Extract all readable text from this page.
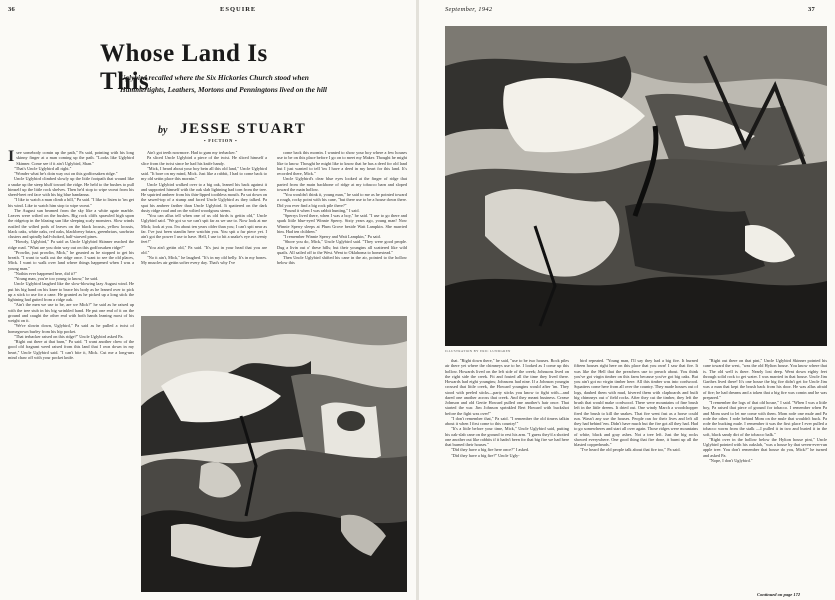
36	ESQUIRE
Whose Land Is This
Uglybird recalled where the Six Hickories Church stood when Hammertights, Leathers, Mortons and Penningtons lived on the hill
by JESSE STUART
• FICTION •

I see somebody comin up the path," Pa said, pointing with his long skinny finger at a man coming up the path. "Looks like Uglybird Skinner. Come see if it ain't Uglybird, Shan."

"That's Uncle Uglybird all right."

"Wonder what he's doin way out on this godforsaken ridge."

Uncle Uglybird climbed slowly up the little footpath that wound like a snake up the steep bluff toward the ridge. He held to the bushes to pull himself up the little rock shelves. Then he'd stop to wipe sweat from his sheed-beet red face with his big blue bandanna.

"I like to watch a man climb a hill," Pa said. "I like to listen to 'im get his wind. Like to watch him stop to wipe sweat."

The August sun beamed from the sky like a white agate marble. Leaves were wilted on the bushes. Big rock cliffs sprawled high upon the ridgetop in the blazing sun like sleeping scaly monsters. Slow winds rustled the wilted pods of leaves on the black locusts, yellow locusts, black oaks, white oaks, red oaks, blackberry briars, greenbriars, sawbriar clusters and spindly half-choked, half-starved pines.

"Howdy, Uglybird," Pa said as Uncle Uglybird Skinner reached the ridge road. "What are you doin way out on this godforsaken ridge?"

"Prowlin, just prowlin, Mick," he grunted as he stopped to get his breath. "I want to walk out the ridge once. I want to see the old places, Mick. I want to walk over land where things happened when I was a young man."

"Nothin ever happened here, did it?"

"Young man, you're too young to know," he said.

Uncle Uglybird laughed like the slow-blowing lazy August wind. He put his big hand on his knee to brace his body as he leaned over to pick up a stick to use for a cane. He grunted as he picked up a long stick the lightning had gutted from a ridge oak.

"Ain't the men we use to be, are we Mick?" he said as he raised up with the tree stub in his big wrinkled hand. He put one end of it on the ground and caught the other end with both hands leaning most of his weight on it.

"We're slowin down, Uglybird," Pa said as he pulled a twist of homegrown burley from his hip pocket.

"That terbacker raised on this ridge?" Uncle Uglybird asked Pa.

"Right out there at that barn," Pa said. "I want another chew of the good old fragrant weed raised from this land that I own down in my heart," Uncle Uglybird said. "I can't bite it, Mick. Cut me a long-uns mind chaw off with your pocket knife.

Ain't got teeth nowmore. Had to gum my terbacker."

Pa sliced Uncle Uglybird a piece of the twist. He sliced himself a slice from the twist since he had his knife handy.

"Mick, I heard about your boy bein all this old land," Uncle Uglybird said. "It bore on my mind, Mick. Just like a rabbit, I had to come back to my old settin place this mornin."

Uncle Uglybird walked over to a big oak, leaned his back against it and supported himself with the oak slab lightning had torn from the tree. He squirted ambeer from his thin-lipped toothless mouth. Pa sat down on the sawed-top of a stump and faced Uncle Uglybird as they talked. Pa spat his ambeer farther than Uncle Uglybird. It spattered on the dark dusty ridge road and on the wilted woodgrass stems.

"You can allus tell when one of us old birds is gettin old," Uncle Uglybird said. "We got so we can't spit far as we use to. Now look at me Mick; look at you. I'm about ten years older than you; I can't spit near as far. I've just been standin here watchin you. You spit a fur piece yet. I ain't got the power I use to have. Hell, I use to hit a snake's eye at twenty feet!"

"You ain't gettin old," Pa said. "It's just in your head that you are old."

"No it ain't, Mick," he laughed. "It's in my old belly. It's in my bones. My muscles air gettin softer every day. That's why I've

come back this mornin. I wanted to show your boy where a few houses use to be on this place before I go on to meet my Maker. Thought he might like to know. Thought he might like to know that he has a deed for old land but I just wanted to tell 'im I have a deed in my heart for this land. It's recorded there, Mick."

Uncle Uglybird's clear blue eyes looked at the finger of ridge that parted from the main backbone of ridge at my tobacco barn and sloped toward the main hollow.

"You wouldn't think it, young man," he said to me as he pointed toward a rough, rocky point with his cane, "but there use to be a house down there. Did you ever find a big rock pile there?"

"Found it when I was rabbit hunting," I said.

"Sperrys lived there, when I was a boy," he said. "I use to go there and spark little blue-eyed Winnie Sperry. Sixty years ago, young man! Now Winnie Sperry sleeps at Plum Grove beside Watt Lampkin. She married him. Had ten children."

"I remember Winnie Sperry and Watt Lampkin," Pa said.

"Shore you do, Mick," Uncle Uglybird said. "They were good people. Dug a livin out o' these hills; but their youngins all scattered like wild quails. All sailed off to the West. Went to Oklahoma to homestead."

Then Uncle Uglybird shifted his cane in the air, pointed to the hollow below this

September, 1942	37
ILLUSTRATION BY ERIC LUNDGREN

that. "Right down there," he said, "use to be two houses. Rock piles air there yet where the chimneys use to be. I looked as I come up this hollow. Howards lived on the left side of the creek; Johnsons lived on the right side the creek. Fit and fouted all the time they lived there. Howards had eight youngins; Johnsons had nine. If a Johnson youngin crossed that little creek, the Howard youngins would after 'im. They stood with peeled sticks—party sticks you know to fight with—and dared one another across that creek. And they meant business. Crease Johnson and old Gertie Howard pulled one another's hair once. That started the war. Jim Johnson sprinkled Bert Howard with buckshot before the fight was over!"

"I don't remember that," Pa said. "I remember the old timers talkin about it when I first come to this country!"

"It's a little before your time, Mick," Uncle Uglybird said, putting his oak-slab cane on the ground to rest his arm. "I guess they'd a shotted one another out like rabbits if it hadn't been for that big fire we had here that burned their houses."

"Did they have a big fire here once?" I asked.

"Did they have a big fire?" Uncle Ugly-

bird repeated. "Young man, I'll say they had a big fire. It burned fifteen houses right here on this place that you own! I saw that fire. It was like the Hell that the preachers use to preach about. You think you've got virgin timber on this farm because you've got big oaks. But you ain't got no virgin timber here. All this timber was into cordwood. Squatters come here from all over the country. They made houses out of logs, daubed them with mud, kivered them with clapboards and built big chimneys out o' field rocks. After they cut the timber, they left the brush that would make cordwood. There were mountains of fine brush left in the little dreens. It dried out. One windy March a woodchopper fired the brush to kill the snakes. That fire went fast as a horse could run. Wasn't any use the houses. People ran for their lives and left all they had behind 'em. Didn't have much but the fire got all they had. Had to go somewheres and start all over again. Those ridges were mountains of white, black and gray ashes. Not a tree left. Just the big rocks showed everywhere. One good thing that fire done, it burnt up all the blasted copperheads."

"I've heard the old people talk about that fire too," Pa said.

"Right out there on that pint," Uncle Uglybird Skinner pointed his cane toward the west, "was the old Hylton house. You know where that is. The old well is there. Nearly lost deep. Went down eighty feet through solid rock to get water. I was married in that house. Uncle Jim Garthes lived there! It's one house the big fire didn't get for Uncle Jim was a man that kept the brush back from his door. He was allus afraid of fire; he had dreams and a token that a big fire was comin and he was prepared."

"I remember the logs of that old house," I said. "When I was a little boy, Pa raised that piece of ground for tobacco. I remember when Pa and Mom used to let me come with them. Mom rode one mule and Pa rode the other. I rode behind Mom on the mule that wouldn't buck. Pa rode the bucking mule. I remember it was the first place I ever pulled a tobacco worm from the stalk —I pulled it in two and buried it in the soft, black sandy dirt of the tobacco balk."

"Right over in the hollow below the Hylton house pint," Uncle Uglybird pointed with his oakslab, "was a house by that seven-ever-run apple tree. You don't remember that house do you, Mick?" he turned and asked Pa.

"Nope, I don't Uglybird."

Continued on page 172
